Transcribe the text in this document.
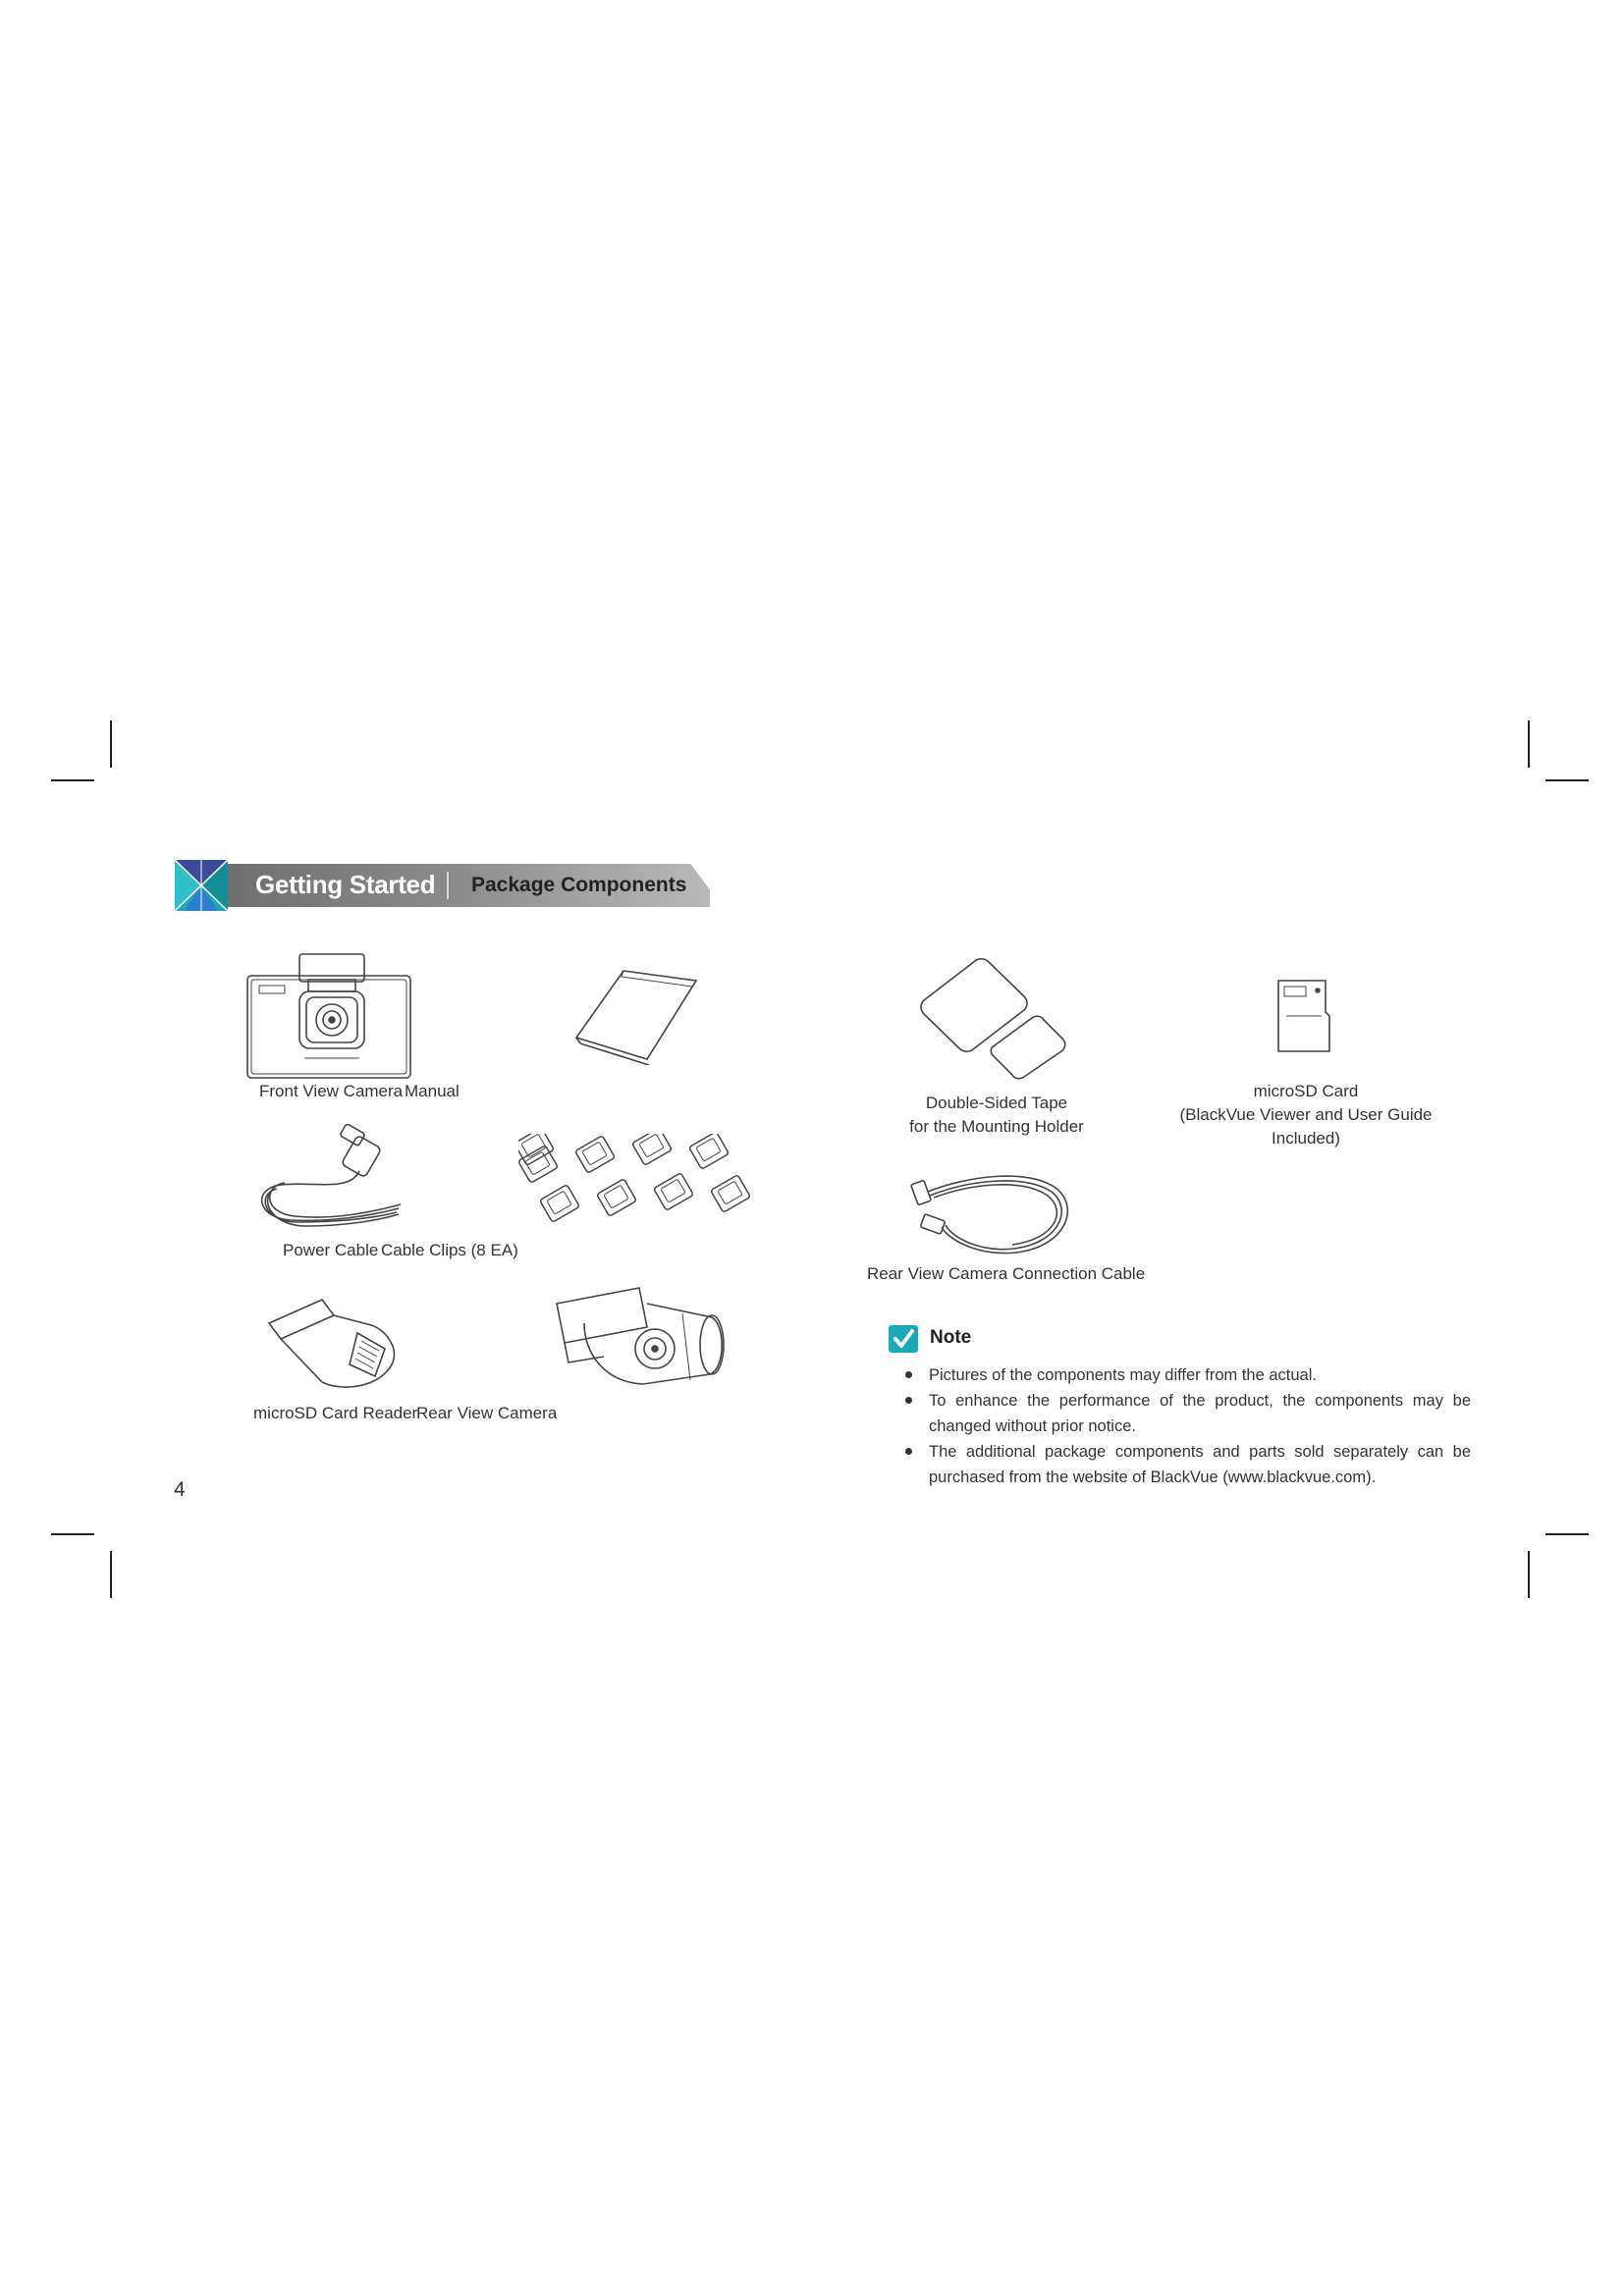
Getting Started Package Components
Front View Camera Manual
Power Cable Cable Clips (8 EA)
microSD Card Reader
Rear View Camera
Double-Sided Tape
for the Mounting Holder
microSD Card
(BlackVue Viewer and User Guide
Included)
Rear View Camera Connection Cable
Note
Pictures of the components may differ from the actual.
To enhance the performance of the product, the components may be changed without prior notice.
The additional package components and parts sold separately can be purchased from the website of BlackVue (www.blackvue.com).
4
